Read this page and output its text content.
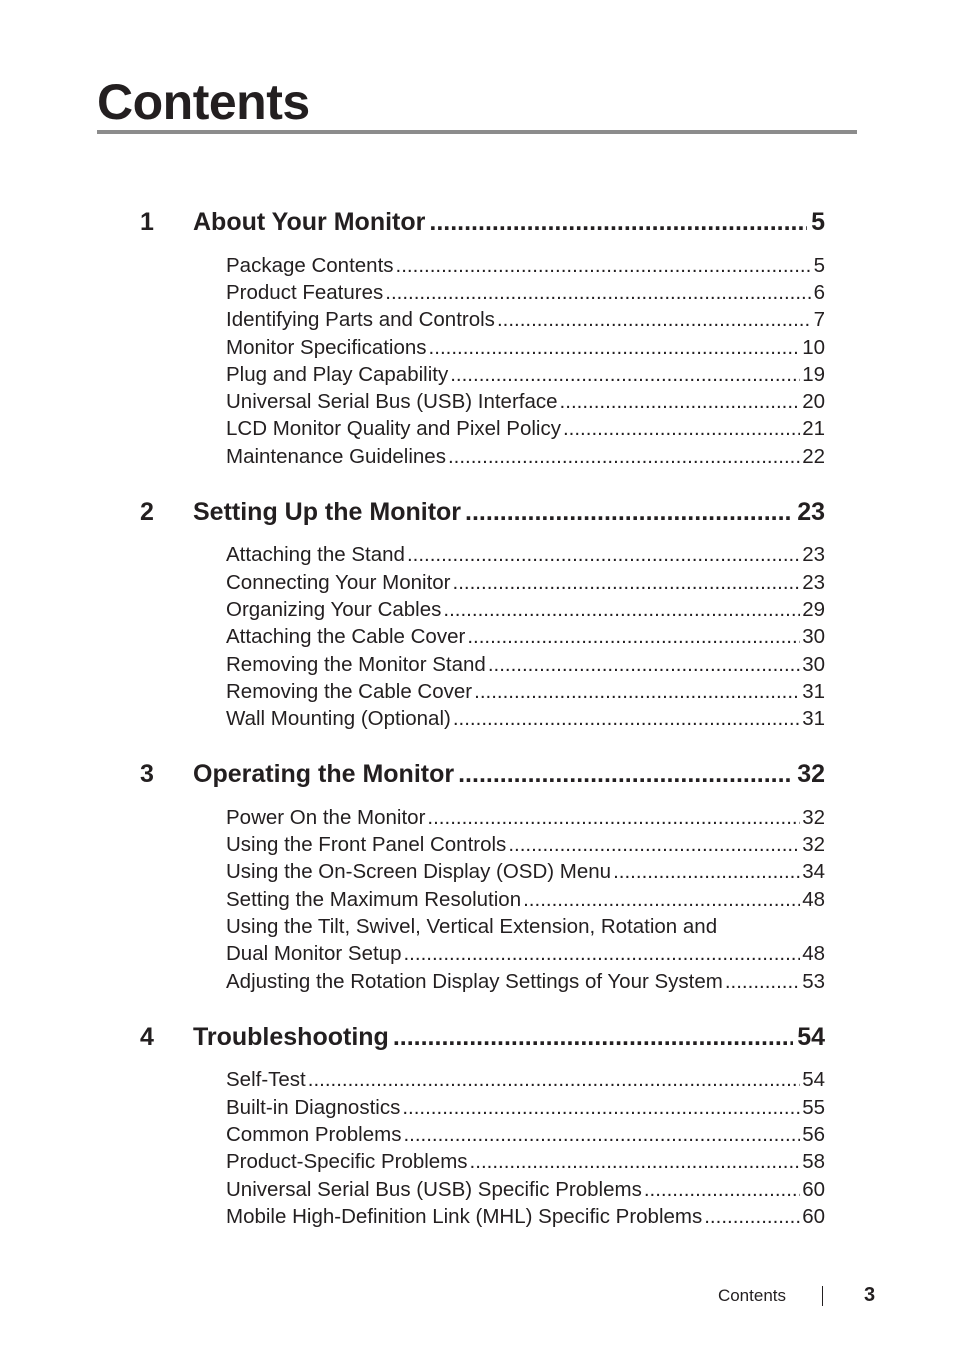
Contents
1	About Your Monitor .....	5
Package Contents .....	5
Product Features .....	6
Identifying Parts and Controls .....	7
Monitor Specifications .....	10
Plug and Play Capability .....	19
Universal Serial Bus (USB) Interface .....	20
LCD Monitor Quality and Pixel Policy .....	21
Maintenance Guidelines .....	22
2	Setting Up the Monitor .....	23
Attaching the Stand .....	23
Connecting Your Monitor .....	23
Organizing Your Cables .....	29
Attaching the Cable Cover .....	30
Removing the Monitor Stand .....	30
Removing the Cable Cover .....	31
Wall Mounting (Optional) .....	31
3	Operating the Monitor .....	32
Power On the Monitor .....	32
Using the Front Panel Controls .....	32
Using the On-Screen Display (OSD) Menu .....	34
Setting the Maximum Resolution .....	48
Using the Tilt, Swivel, Vertical Extension, Rotation and
Dual Monitor Setup .....	48
Adjusting the Rotation Display Settings of Your System .....	53
4	Troubleshooting .....	54
Self-Test .....	54
Built-in Diagnostics .....	55
Common Problems .....	56
Product-Specific Problems .....	58
Universal Serial Bus (USB) Specific Problems .....	60
Mobile High-Definition Link (MHL) Specific Problems .....	60
Contents	3
